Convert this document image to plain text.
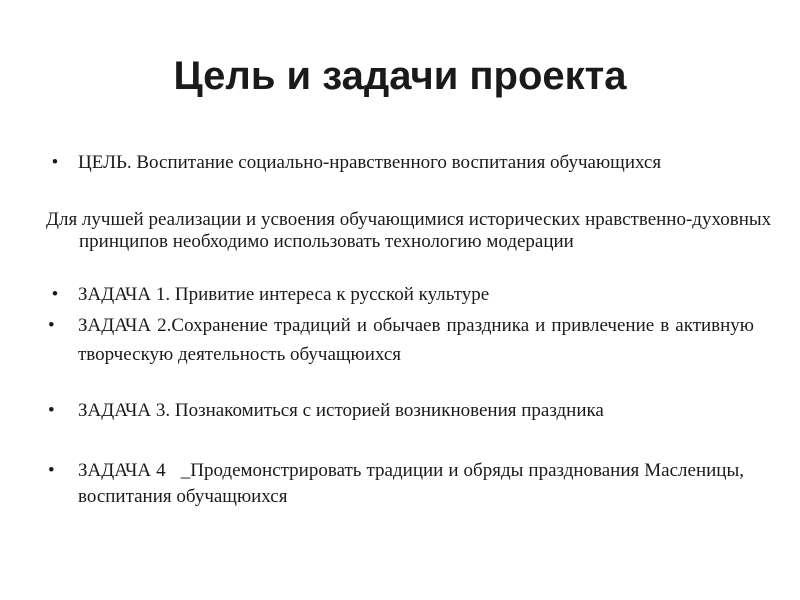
Цель и задачи проекта
• ЦЕЛЬ. Воспитание социально-нравственного воспитания обучающихся
Для лучшей реализации и усвоения обучающимися исторических нравственно-духовных принципов необходимо использовать технологию модерации
• ЗАДАЧА 1. Привитие интереса к русской культуре
•	ЗАДАЧА 2.Сохранение традиций и обычаев праздника и привлечение в активную творческую деятельность обучащюихся
•	ЗАДАЧА 3. Познакомиться с историей возникновения праздника
•	ЗАДАЧА 4   _Продемонстрировать традиции и обряды празднования Масленицы, воспитания обучащюихся
